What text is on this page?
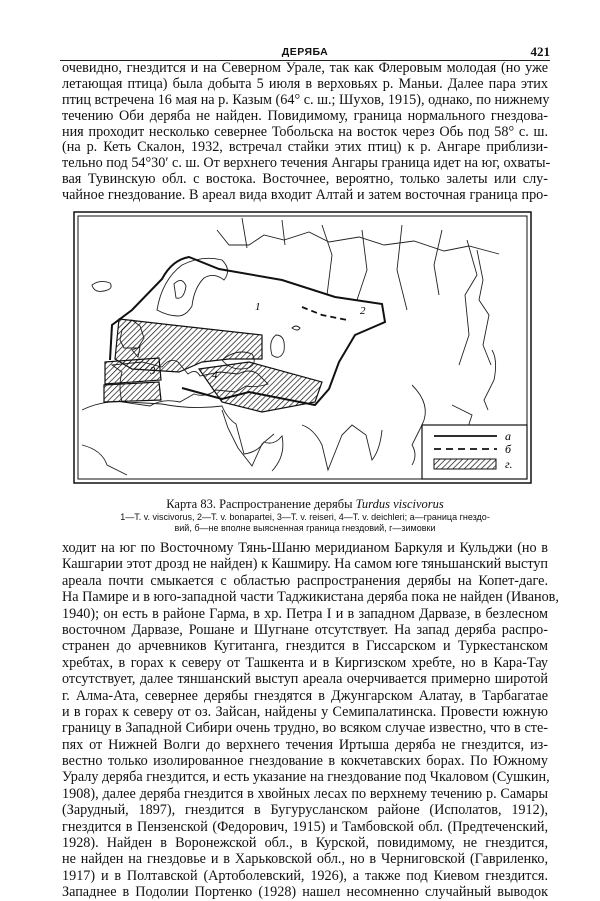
ДЕРЯБА	421
очевидно, гнездится и на Северном Урале, так как Флеровым молодая (но уже
летающая птица) была добыта 5 июля в верховьях р. Маньи. Далее пара этих
птиц встречена 16 мая на р. Казым (64° с. ш.; Шухов, 1915), однако, по нижнему
течению Оби деряба не найден. Повидимому, граница нормального гнездова-
ния проходит несколько севернее Тобольска на восток через Обь под 58° с. ш.
(на р. Кеть Скалон, 1932, встречал стайки этих птиц) к р. Ангаре приблизи-
тельно под 54°30′ с. ш. От верхнего течения Ангары граница идет на юг, охваты-
вая Тувинскую обл. с востока. Восточнее, вероятно, только залеты или слу-
чайное гнездование. В ареал вида входит Алтай и затем восточная граница про-
1	2
3	4
а
б
г.
Карта 83. Распространение дерябы Turdus viscivorus
1—T. v. viscivorus, 2—T. v. bonapartei, 3—T. v. reiseri, 4—T. v. deichleri; а—граница гнездо-
вий, б—не вполне выясненная граница гнездовий, г—зимовки
ходит на юг по Восточному Тянь-Шаню меридианом Баркуля и Кульджи (но в
Кашгарии этот дрозд не найден) к Кашмиру. На самом юге тяньшанский выступ
ареала почти смыкается с областью распространения дерябы на Копет-даге.
На Памире и в юго-западной части Таджикистана деряба пока не найден (Иванов,
1940); он есть в районе Гарма, в хр. Петра I и в западном Дарвазе, в безлесном
восточном Дарвазе, Рошане и Шугнане отсутствует. На запад деряба распро-
странен до арчевников Кугитанга, гнездится в Гиссарском и Туркестанском
хребтах, в горах к северу от Ташкента и в Киргизском хребте, но в Кара-Тау
отсутствует, далее тяншанский выступ ареала очерчивается примерно широтой
г. Алма-Ата, севернее дерябы гнездятся в Джунгарском Алатау, в Тарбагатае
и в горах к северу от оз. Зайсан, найдены у Семипалатинска. Провести южную
границу в Западной Сибири очень трудно, во всяком случае известно, что в сте-
пях от Нижней Волги до верхнего течения Иртыша деряба не гнездится, из-
вестно только изолированное гнездование в кокчетавских борах. По Южному
Уралу деряба гнездится, и есть указание на гнездование под Чкаловом (Сушкин,
1908), далее деряба гнездится в хвойных лесах по верхнему течению р. Самары
(Зарудный, 1897), гнездится в Бугурусланском районе (Исполатов, 1912),
гнездится в Пензенской (Федорович, 1915) и Тамбовской обл. (Предтеченский,
1928). Найден в Воронежской обл., в Курской, повидимому, не гнездится,
не найден на гнездовье и в Харьковской обл., но в Черниговской (Гавриленко,
1917) и в Полтавской (Артоболевский, 1926), а также под Киевом гнездится.
Западнее в Подолии Портенко (1928) нашел несомненно случайный выводок
